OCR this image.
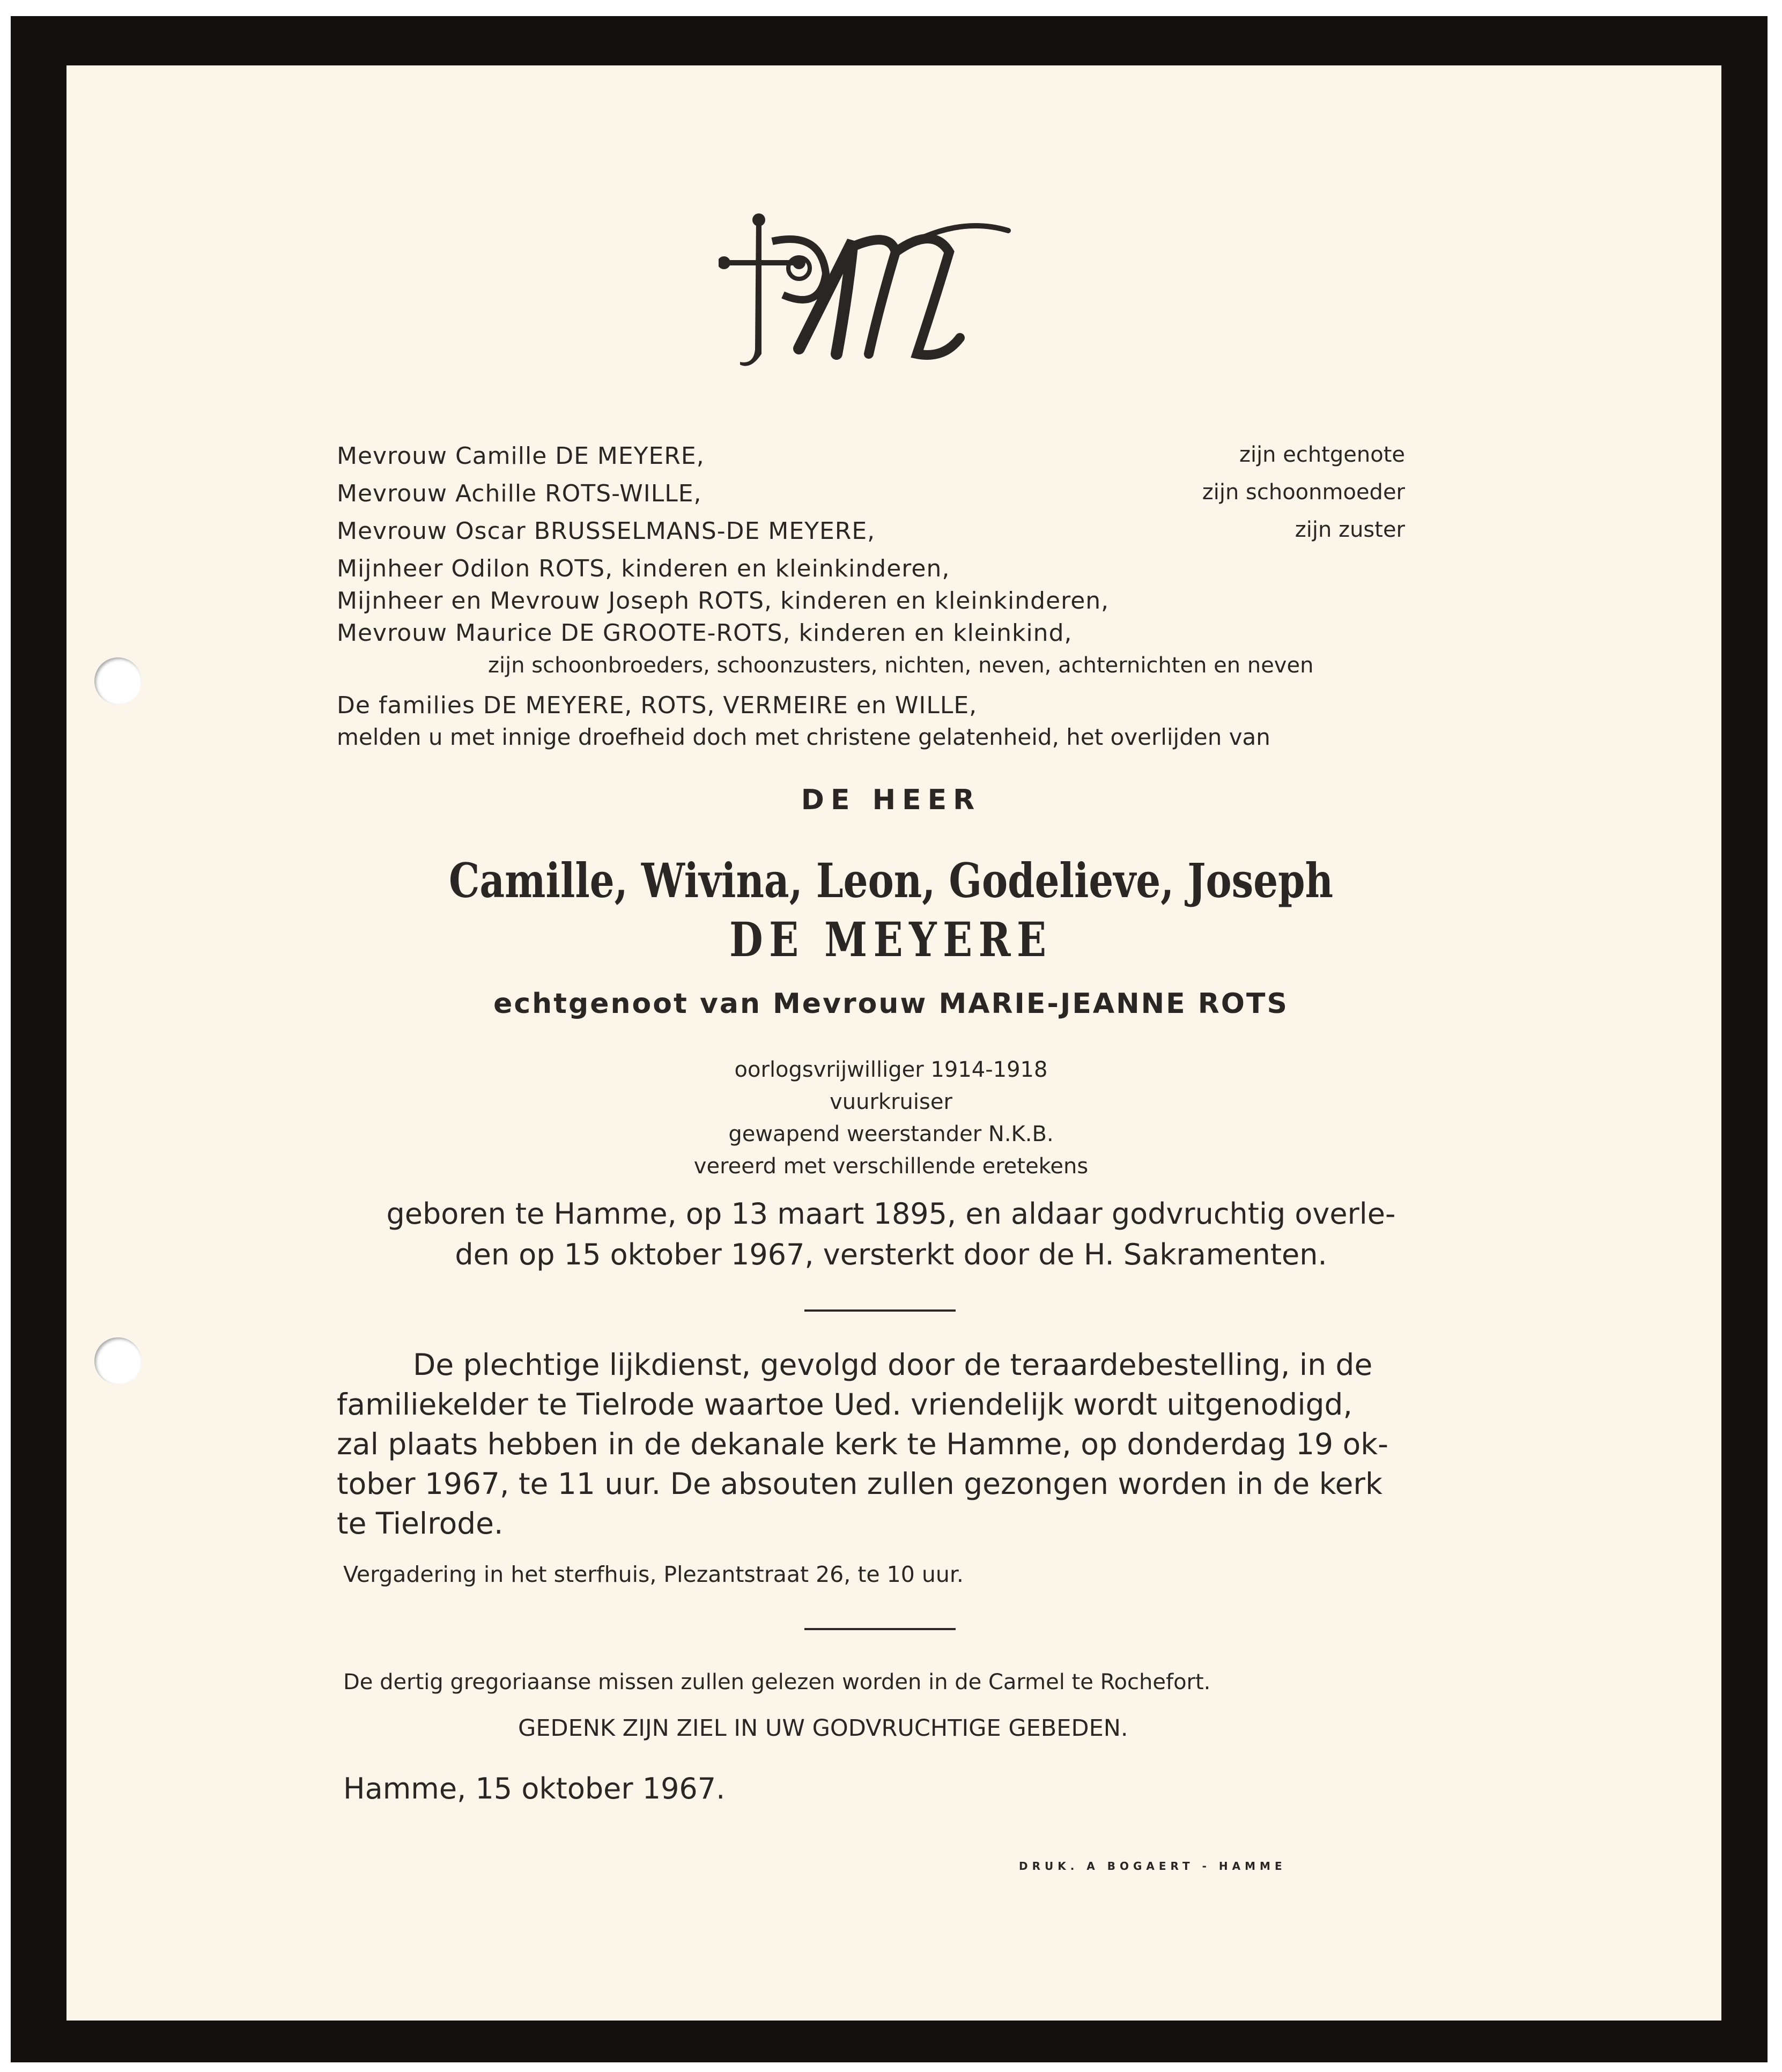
Mevrouw Camille DE MEYERE,	zijn echtgenote
Mevrouw Achille ROTS-WILLE,	zijn schoonmoeder
Mevrouw Oscar BRUSSELMANS-DE MEYERE,	zijn zuster
Mijnheer Odilon ROTS, kinderen en kleinkinderen,
Mijnheer en Mevrouw Joseph ROTS, kinderen en kleinkinderen,
Mevrouw Maurice DE GROOTE-ROTS, kinderen en kleinkind,
zijn schoonbroeders, schoonzusters, nichten, neven, achternichten en neven
De families DE MEYERE, ROTS, VERMEIRE en WILLE,
melden u met innige droefheid doch met christene gelatenheid, het overlijden van
DE HEER
Camille, Wivina, Leon, Godelieve, Joseph
DE MEYERE
echtgenoot van Mevrouw MARIE-JEANNE ROTS
oorlogsvrijwilliger 1914-1918
vuurkruiser
gewapend weerstander N.K.B.
vereerd met verschillende eretekens
geboren te Hamme, op 13 maart 1895, en aldaar godvruchtig overle-
den op 15 oktober 1967, versterkt door de H. Sakramenten.
De plechtige lijkdienst, gevolgd door de teraardebestelling, in de
familiekelder te Tielrode waartoe Ued. vriendelijk wordt uitgenodigd,
zal plaats hebben in de dekanale kerk te Hamme, op donderdag 19 ok-
tober 1967, te 11 uur. De absouten zullen gezongen worden in de kerk
te Tielrode.
Vergadering in het sterfhuis, Plezantstraat 26, te 10 uur.
De dertig gregoriaanse missen zullen gelezen worden in de Carmel te Rochefort.
GEDENK ZIJN ZIEL IN UW GODVRUCHTIGE GEBEDEN.
Hamme, 15 oktober 1967.
DRUK. A BOGAERT - HAMME
